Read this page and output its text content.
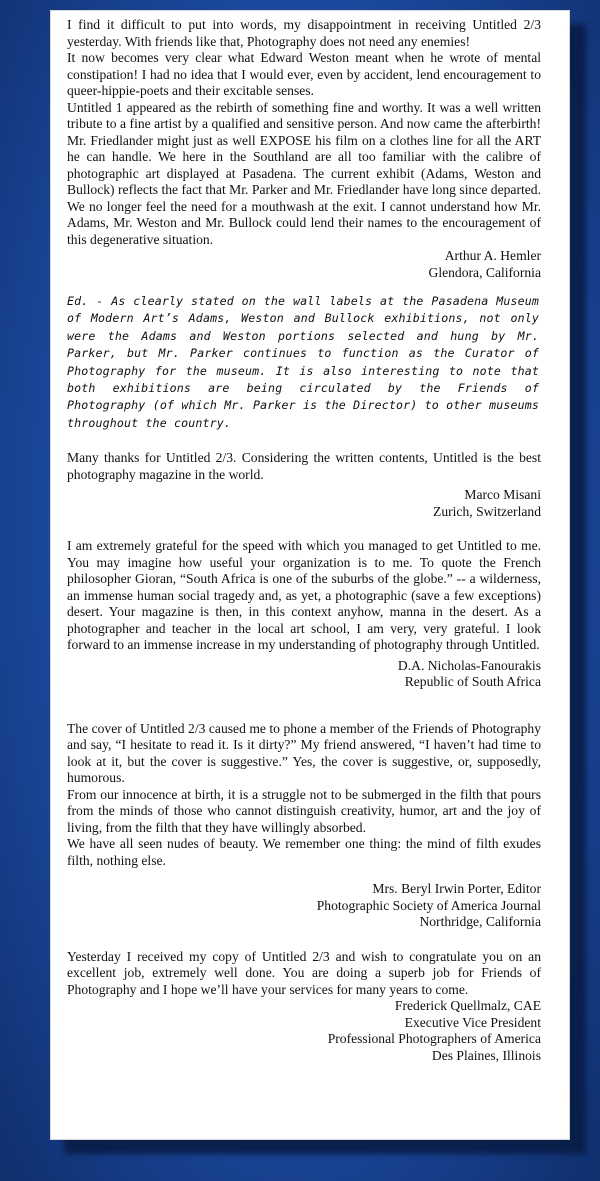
I find it difficult to put into words, my disappointment in receiving Untitled 2/3 yesterday. With friends like that, Photography does not need any enemies!

It now becomes very clear what Edward Weston meant when he wrote of mental constipation! I had no idea that I would ever, even by accident, lend encouragement to queer-hippie-poets and their excitable senses.

Untitled 1 appeared as the rebirth of something fine and worthy. It was a well written tribute to a fine artist by a qualified and sensitive person. And now came the afterbirth! Mr. Friedlander might just as well EXPOSE his film on a clothes line for all the ART he can handle. We here in the Southland are all too familiar with the calibre of photographic art displayed at Pasadena. The current exhibit (Adams, Weston and Bullock) reflects the fact that Mr. Parker and Mr. Friedlander have long since departed. We no longer feel the need for a mouthwash at the exit. I cannot understand how Mr. Adams, Mr. Weston and Mr. Bullock could lend their names to the encouragement of this degenerative situation.

Arthur A. Hemler
Glendora, California
Ed. - As clearly stated on the wall labels at the Pasadena Museum of Modern Art’s Adams, Weston and Bullock exhibitions, not only were the Adams and Weston portions selected and hung by Mr. Parker, but Mr. Parker continues to function as the Curator of Photography for the museum. It is also interesting to note that both exhibitions are being circulated by the Friends of Photography (of which Mr. Parker is the Director) to other museums throughout the country.

Many thanks for Untitled 2/3. Considering the written contents, Untitled is the best photography magazine in the world.

Marco Misani
Zurich, Switzerland

I am extremely grateful for the speed with which you managed to get Untitled to me. You may imagine how useful your organization is to me. To quote the French philosopher Gioran, “South Africa is one of the suburbs of the globe.” -- a wilderness, an immense human social tragedy and, as yet, a photographic (save a few exceptions) desert. Your magazine is then, in this context anyhow, manna in the desert. As a photographer and teacher in the local art school, I am very, very grateful. I look forward to an immense increase in my understanding of photography through Untitled.

D.A. Nicholas-Fanourakis
Republic of South Africa

The cover of Untitled 2/3 caused me to phone a member of the Friends of Photography and say, “I hesitate to read it. Is it dirty?” My friend answered, “I haven’t had time to look at it, but the cover is suggestive.” Yes, the cover is suggestive, or, supposedly, humorous.

From our innocence at birth, it is a struggle not to be submerged in the filth that pours from the minds of those who cannot distinguish creativity, humor, art and the joy of living, from the filth that they have willingly absorbed.

We have all seen nudes of beauty. We remember one thing: the mind of filth exudes filth, nothing else.

Mrs. Beryl Irwin Porter, Editor
Photographic Society of America Journal
Northridge, California

Yesterday I received my copy of Untitled 2/3 and wish to congratulate you on an excellent job, extremely well done. You are doing a superb job for Friends of Photography and I hope we’ll have your services for many years to come.

Frederick Quellmalz, CAE
Executive Vice President
Professional Photographers of America
Des Plaines, Illinois
